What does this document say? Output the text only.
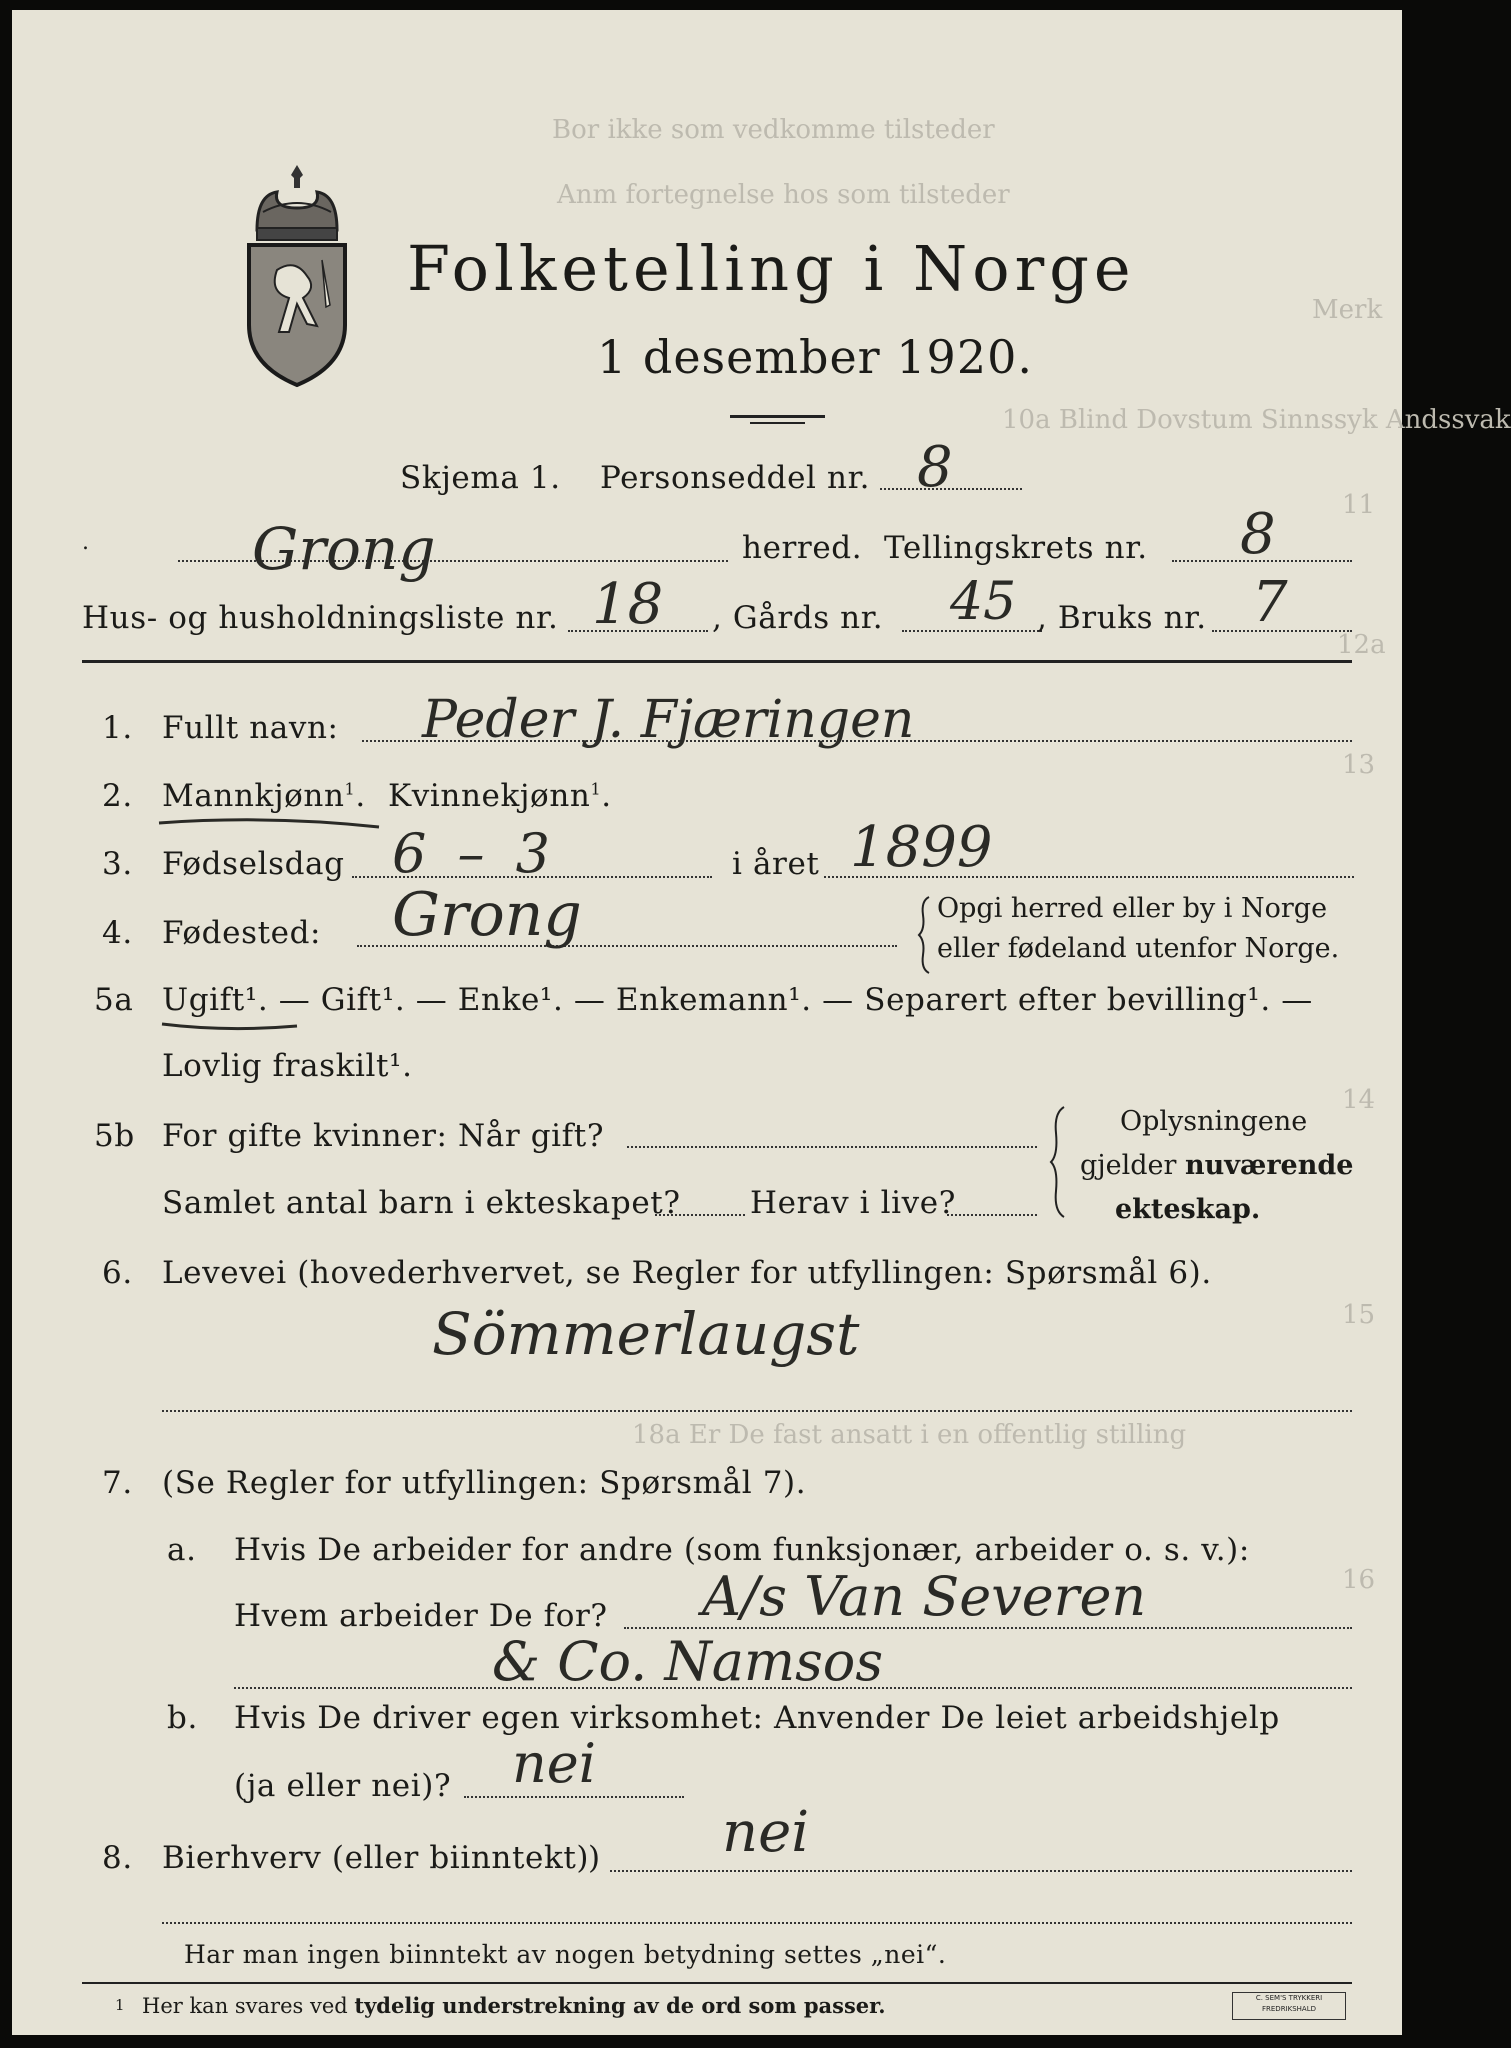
Bor ikke som vedkomme tilsteder
Anm fortegnelse hos som tilsteder
Merk
10a Blind Dovstum Sinnssyk Andssvak
11
12a
13
14
15
16
18a Er De fast ansatt i en offentlig stilling
Folketelling i Norge
1 desember 1920.
Skjema 1. Personseddel nr. 8
.	Grong	herred. Tellingskrets nr. 8
Hus- og husholdningsliste nr. 18 , Gårds nr. 45 , Bruks nr. 7
1. Fullt navn: Peder J. Fjæringen
2. Mannkjønn$^1$. Kvinnekjønn$^1$.
3. Fødselsdag 6 – 3	i året 1899
4. Fødested: Grong	Opgi herred eller by i Norge
eller fødeland utenfor Norge.
5a Ugift¹. — Gift¹. — Enke¹. — Enkemann¹. — Separert efter bevilling¹. —
Lovlig fraskilt¹.
5b For gifte kvinner: Når gift?
Samlet antal barn i ekteskapet? Herav i live?
Oplysningene
gjelder nuværende
ekteskap.
6. Levevei (hovederhvervet, se Regler for utfyllingen: Spørsmål 6).
Sömmerlaugst
7. (Se Regler for utfyllingen: Spørsmål 7).
a. Hvis De arbeider for andre (som funksjonær, arbeider o. s. v.):
Hvem arbeider De for? A/s Van Severen
& Co. Namsos
b. Hvis De driver egen virksomhet: Anvender De leiet arbeidshjelp
(ja eller nei)? nei
8. Bierhverv (eller biinntekt)
) nei
Har man ingen biinntekt av nogen betydning settes „nei“.
1 Her kan svares ved tydelig understrekning av de ord som passer.	C. SEM'S TRYKKERI
FREDRIKSHALD
